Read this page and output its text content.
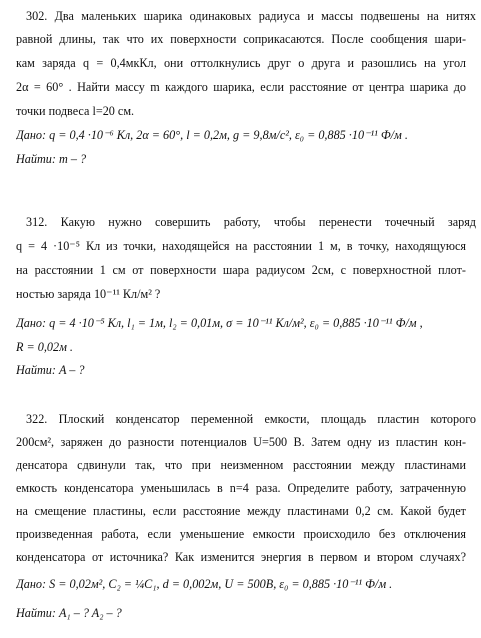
302. Два маленьких шарика одинаковых радиуса и массы подвешены на нитях
равной длины, так что их поверхности соприкасаются. После сообщения шари-
кам заряда q = 0,4мкКл, они оттолкнулись друг о друга и разошлись на угол
2α = 60° . Найти массу m каждого шарика, если расстояние от центра шарика до
точки подвеса l=20 см.
Дано: q = 0,4 ·10⁻⁶ Кл, 2α = 60°, l = 0,2м, g = 9,8м/с², ε₀ = 0,885 ·10⁻¹¹ Ф/м .
Найти: m – ?
312. Какую нужно совершить работу, чтобы перенести точечный заряд
q = 4 ·10⁻⁵ Кл из точки, находящейся на расстоянии 1 м, в точку, находящуюся
на расстоянии 1 см от поверхности шара радиусом 2см, с поверхностной плот-
ностью заряда 10⁻¹¹ Кл/м² ?
Дано: q = 4 ·10⁻⁵ Кл, l₁ = 1м, l₂ = 0,01м, σ = 10⁻¹¹ Кл/м², ε₀ = 0,885 ·10⁻¹¹ Ф/м ,
R = 0,02м .
Найти: A – ?
322. Плоский конденсатор переменной емкости, площадь пластин которого
200см², заряжен до разности потенциалов U=500 В. Затем одну из пластин кон-
денсатора сдвинули так, что при неизменном расстоянии между пластинами
емкость конденсатора уменьшилась в n=4 раза. Определите работу, затраченную
на смещение пластины, если расстояние между пластинами 0,2 см. Какой будет
произведенная работа, если уменьшение емкости происходило без отключения
конденсатора от источника? Как изменится энергия в первом и втором случаях?
Дано: S = 0,02м², C₂ = ¼C₁, d = 0,002м, U = 500В, ε₀ = 0,885 ·10⁻¹¹ Ф/м .
Найти: A₁ – ? A₂ – ?
